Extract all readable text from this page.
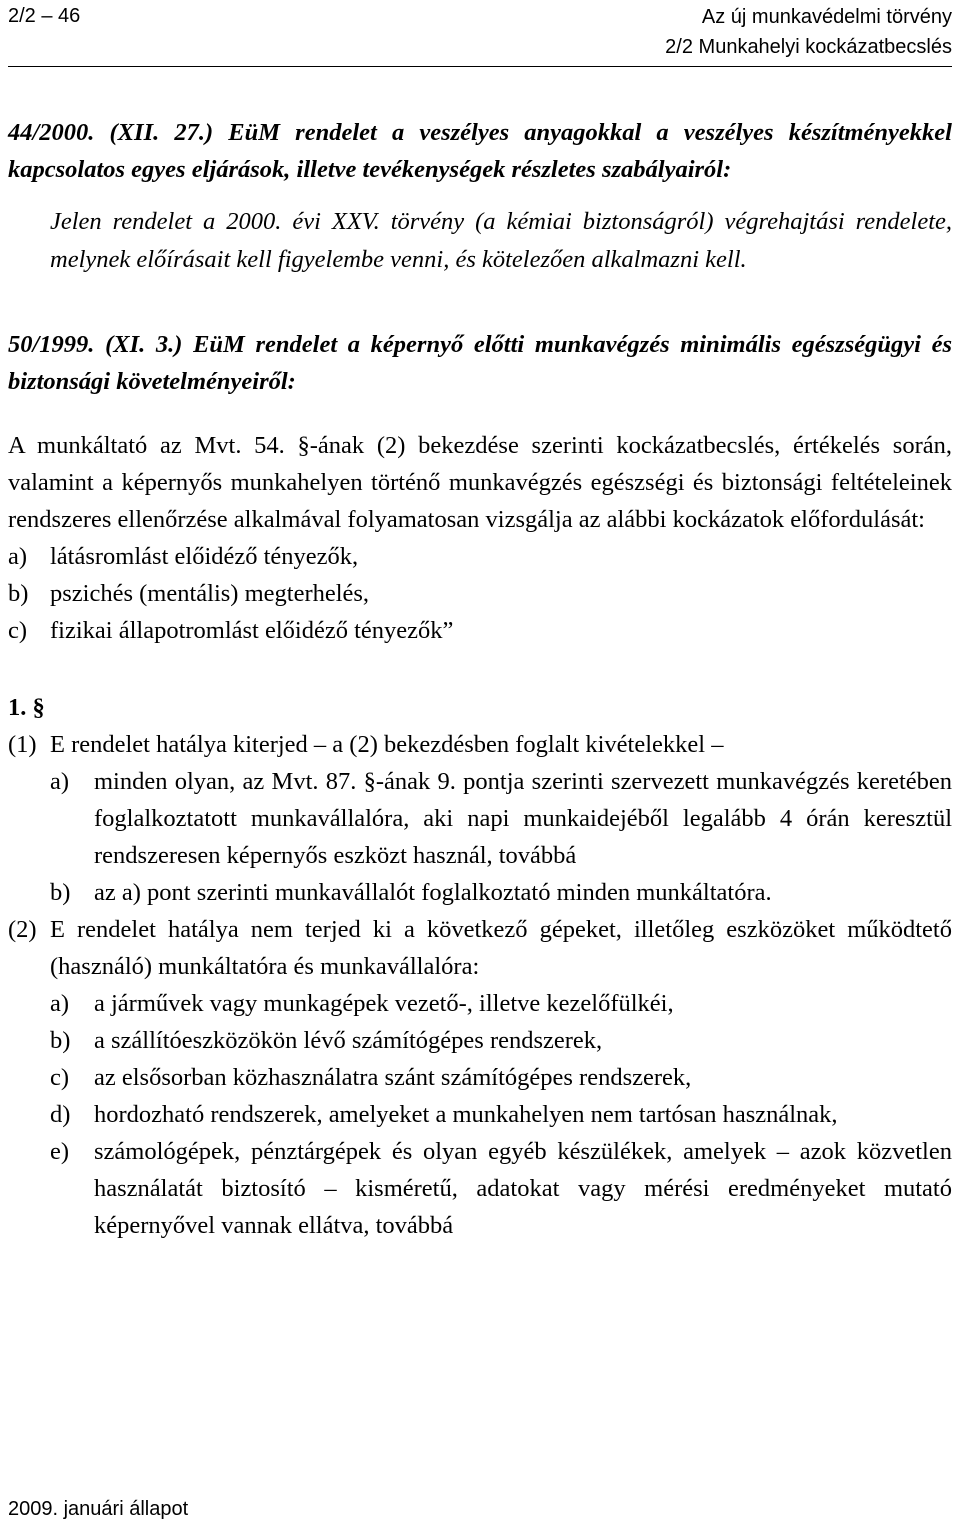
2/2 – 46	Az új munkavédelmi törvény
2/2 Munkahelyi kockázatbecslés

44/2000. (XII. 27.) EüM rendelet a veszélyes anyagokkal a veszélyes készítményekkel kapcsolatos egyes eljárások, illetve tevékenységek részletes szabályairól:

Jelen rendelet a 2000. évi XXV. törvény (a kémiai biztonságról) végrehajtási rendelete, melynek előírásait kell figyelembe venni, és kötelezően alkalmazni kell.

50/1999. (XI. 3.) EüM rendelet a képernyő előtti munkavégzés minimális egészségügyi és biztonsági követelményeiről:

A munkáltató az Mvt. 54. §-ának (2) bekezdése szerinti kockázatbecslés, értékelés során, valamint a képernyős munkahelyen történő munkavégzés egészségi és biztonsági feltételeinek rendszeres ellenőrzése alkalmával folyamatosan vizsgálja az alábbi kockázatok előfordulását:

a) látásromlást előidéző tényezők,
b) pszichés (mentális) megterhelés,
c) fizikai állapotromlást előidéző tényezők”

1. §

(1) E rendelet hatálya kiterjed – a (2) bekezdésben foglalt kivételekkel –
a)	minden olyan, az Mvt. 87. §-ának 9. pontja szerinti szervezett munkavégzés keretében foglalkoztatott munkavállalóra, aki napi munkaidejéből legalább 4 órán keresztül rendszeresen képernyős eszközt használ, továbbá
b) az a) pont szerinti munkavállalót foglalkoztató minden munkáltatóra.
(2) E rendelet hatálya nem terjed ki a következő gépeket, illetőleg eszközöket működtető (használó) munkáltatóra és munkavállalóra:
a)	a járművek vagy munkagépek vezető-, illetve kezelőfülkéi,
b) a szállítóeszközökön lévő számítógépes rendszerek,
c)	az elsősorban közhasználatra szánt számítógépes rendszerek,
d) hordozható rendszerek, amelyeket a munkahelyen nem tartósan használnak,
e)	számológépek, pénztárgépek és olyan egyéb készülékek, amelyek – azok közvetlen használatát biztosító – kisméretű, adatokat vagy mérési eredményeket mutató képernyővel vannak ellátva, továbbá
2009. januári állapot
